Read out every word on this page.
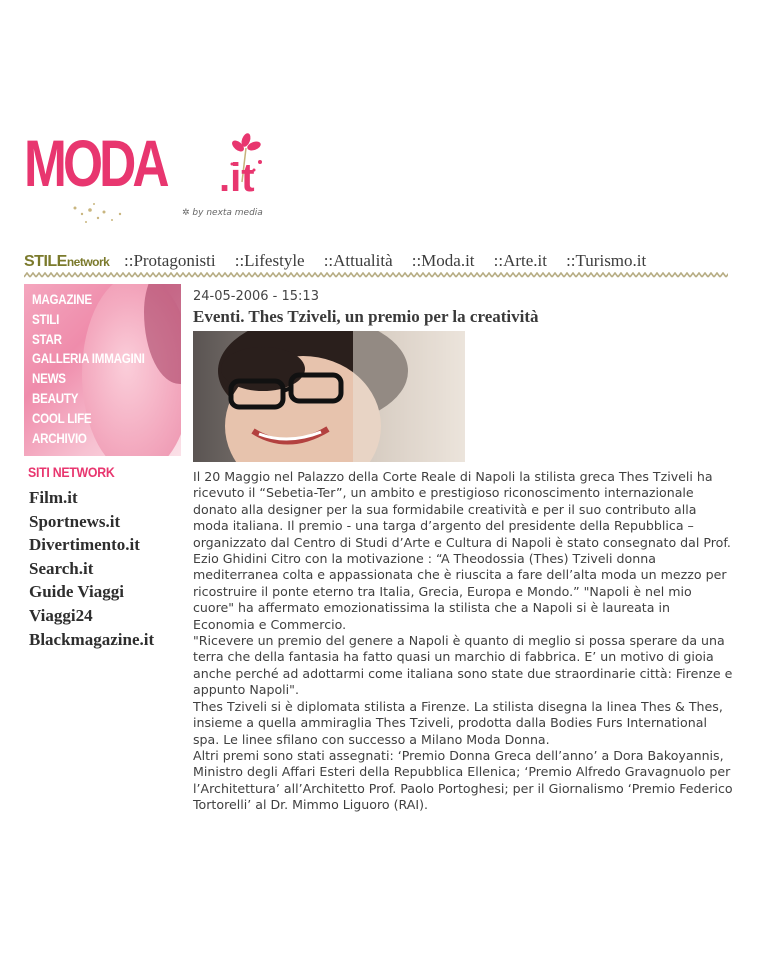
MODA .it
✲ by nexta media
STILEnetwork ::Protagonisti ::Lifestyle ::Attualità ::Moda.it ::Arte.it ::Turismo.it
MAGAZINE
STILI
STAR
GALLERIA IMMAGINI
NEWS
BEAUTY
COOL LIFE
ARCHIVIO
SITI NETWORK
Film.it
Sportnews.it
Divertimento.it
Search.it
Guide Viaggi
Viaggi24
Blackmagazine.it
24-05-2006 - 15:13
Eventi. Thes Tziveli, un premio per la creatività

Il 20 Maggio nel Palazzo della Corte Reale di Napoli la stilista greca Thes Tziveli ha ricevuto il “Sebetia-Ter”, un ambito e prestigioso riconoscimento internazionale donato alla designer per la sua formidabile creatività e per il suo contributo alla moda italiana. Il premio - una targa d’argento del presidente della Repubblica – organizzato dal Centro di Studi d’Arte e Cultura di Napoli è stato consegnato dal Prof. Ezio Ghidini Citro con la motivazione : “A Theodossia (Thes) Tziveli donna mediterranea colta e appassionata che è riuscita a fare dell’alta moda un mezzo per ricostruire il ponte eterno tra Italia, Grecia, Europa e Mondo.” "Napoli è nel mio cuore" ha affermato emozionatissima la stilista che a Napoli si è laureata in Economia e Commercio.

"Ricevere un premio del genere a Napoli è quanto di meglio si possa sperare da una terra che della fantasia ha fatto quasi un marchio di fabbrica. E’ un motivo di gioia anche perché ad adottarmi come italiana sono state due straordinarie città: Firenze e appunto Napoli".

Thes Tziveli si è diplomata stilista a Firenze. La stilista disegna la linea Thes & Thes, insieme a quella ammiraglia Thes Tziveli, prodotta dalla Bodies Furs International spa. Le linee sfilano con successo a Milano Moda Donna.

Altri premi sono stati assegnati: ‘Premio Donna Greca dell’anno’ a Dora Bakoyannis, Ministro degli Affari Esteri della Repubblica Ellenica; ‘Premio Alfredo Gravagnuolo per l’Architettura’ all’Architetto Prof. Paolo Portoghesi; per il Giornalismo ‘Premio Federico Tortorelli’ al Dr. Mimmo Liguoro (RAI).
